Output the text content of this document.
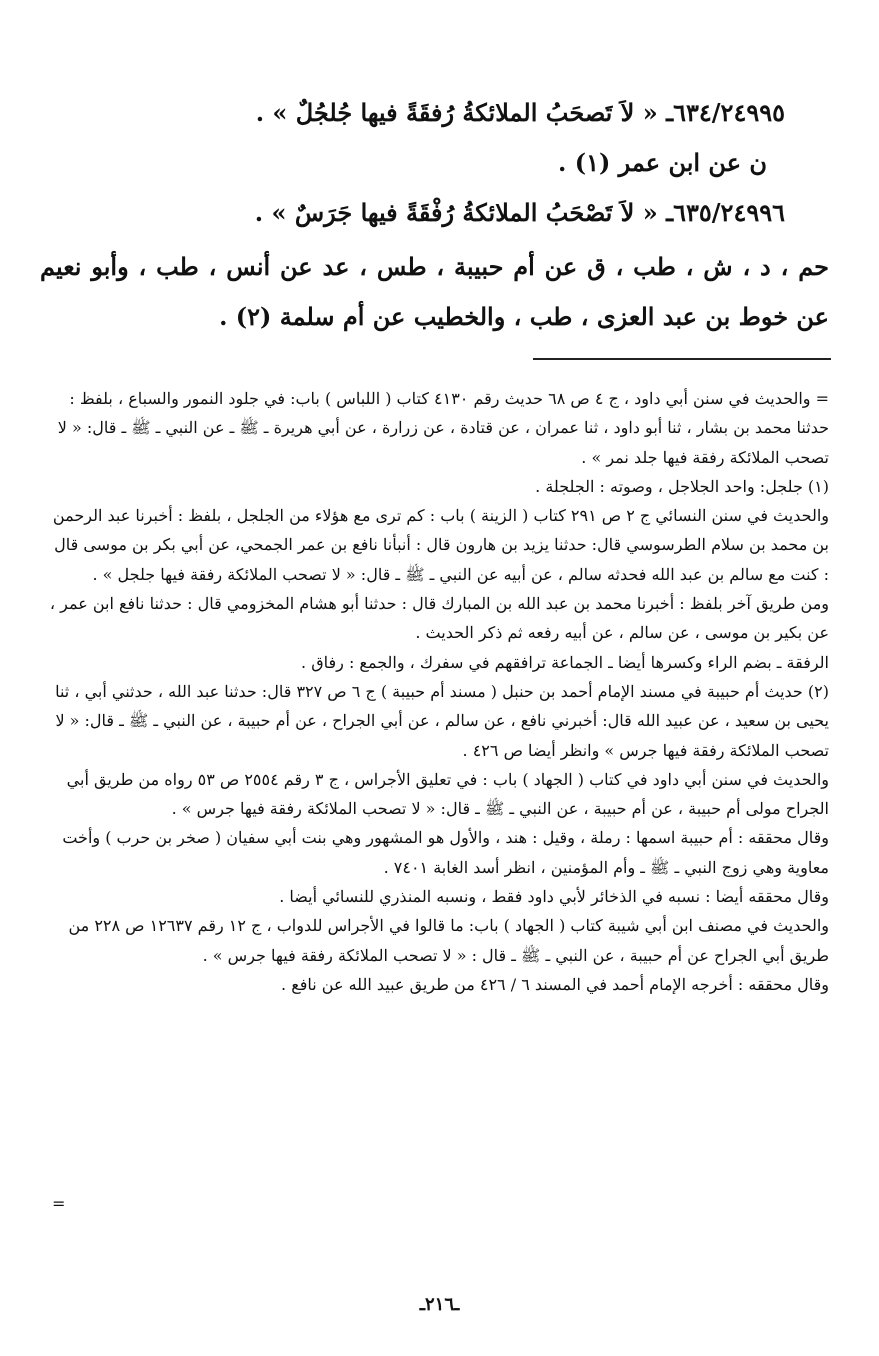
٦٣٤/٢٤٩٩٥ـ « لاَ تَصحَبُ الملائكةُ رُفقَةً فيها جُلجُلٌ » .

ن عن ابن عمر (١) .

٦٣٥/٢٤٩٩٦ـ « لاَ تَصْحَبُ الملائكةُ رُفْقَةً فيها جَرَسٌ » .

حم ، د ، ش ، طب ، ق عن أم حبيبة ، طس ، عد عن أنس ، طب ، وأبو نعيم عن خوط بن عبد العزى ، طب ، والخطيب عن أم سلمة (٢) .

= والحديث في سنن أبي داود ، ج ٤ ص ٦٨ حديث رقم ٤١٣٠ كتاب ( اللباس ) باب: في جلود النمور والسباع ، بلفظ : حدثنا محمد بن بشار ، ثنا أبو داود ، ثنا عمران ، عن قتادة ، عن زرارة ، عن أبي هريرة ـ ﷺ ـ عن النبي ـ ﷺ ـ قال: « لا تصحب الملائكة رفقة فيها جلد نمر » .

(١) جلجل: واحد الجلاجل ، وصوته : الجلجلة .

والحديث في سنن النسائي ج ٢ ص ٢٩١ كتاب ( الزينة ) باب : كم ترى مع هؤلاء من الجلجل ، بلفظ : أخبرنا عبد الرحمن بن محمد بن سلام الطرسوسي قال: حدثنا يزيد بن هارون قال : أنبأنا نافع بن عمر الجمحي، عن أبي بكر بن موسى قال : كنت مع سالم بن عبد الله فحدثه سالم ، عن أبيه عن النبي ـ ﷺ ـ قال: « لا تصحب الملائكة رفقة فيها جلجل » .

ومن طريق آخر بلفظ : أخبرنا محمد بن عبد الله بن المبارك قال : حدثنا أبو هشام المخزومي قال : حدثنا نافع ابن عمر ، عن بكير بن موسى ، عن سالم ، عن أبيه رفعه ثم ذكر الحديث .

الرفقة ـ بضم الراء وكسرها أيضا ـ الجماعة ترافقهم في سفرك ، والجمع : رفاق .

(٢) حديث أم حبيبة في مسند الإمام أحمد بن حنبل ( مسند أم حبيبة ) ج ٦ ص ٣٢٧ قال: حدثنا عبد الله ، حدثني أبي ، ثنا يحيى بن سعيد ، عن عبيد الله قال: أخبرني نافع ، عن سالم ، عن أبي الجراح ، عن أم حبيبة ، عن النبي ـ ﷺ ـ قال: « لا تصحب الملائكة رفقة فيها جرس » وانظر أيضا ص ٤٢٦ .

والحديث في سنن أبي داود في كتاب ( الجهاد ) باب : في تعليق الأجراس ، ج ٣ رقم ٢٥٥٤ ص ٥٣ رواه من طريق أبي الجراح مولى أم حبيبة ، عن أم حبيبة ، عن النبي ـ ﷺ ـ قال: « لا تصحب الملائكة رفقة فيها جرس » .

وقال محققه : أم حبيبة اسمها : رملة ، وقيل : هند ، والأول هو المشهور وهي بنت أبي سفيان ( صخر بن حرب ) وأخت معاوية وهي زوج النبي ـ ﷺ ـ وأم المؤمنين ، انظر أسد الغابة ٧٤٠١ .

وقال محققه أيضا : نسبه في الذخائر لأبي داود فقط ، ونسبه المنذري للنسائي أيضا .

والحديث في مصنف ابن أبي شيبة كتاب ( الجهاد ) باب: ما قالوا في الأجراس للدواب ، ج ١٢ رقم ١٢٦٣٧ ص ٢٢٨ من طريق أبي الجراح عن أم حبيبة ، عن النبي ـ ﷺ ـ قال : « لا تصحب الملائكة رفقة فيها جرس » .

وقال محققه : أخرجه الإمام أحمد في المسند ٦ / ٤٢٦ من طريق عبيد الله عن نافع .

=
ـ٢١٦ـ
